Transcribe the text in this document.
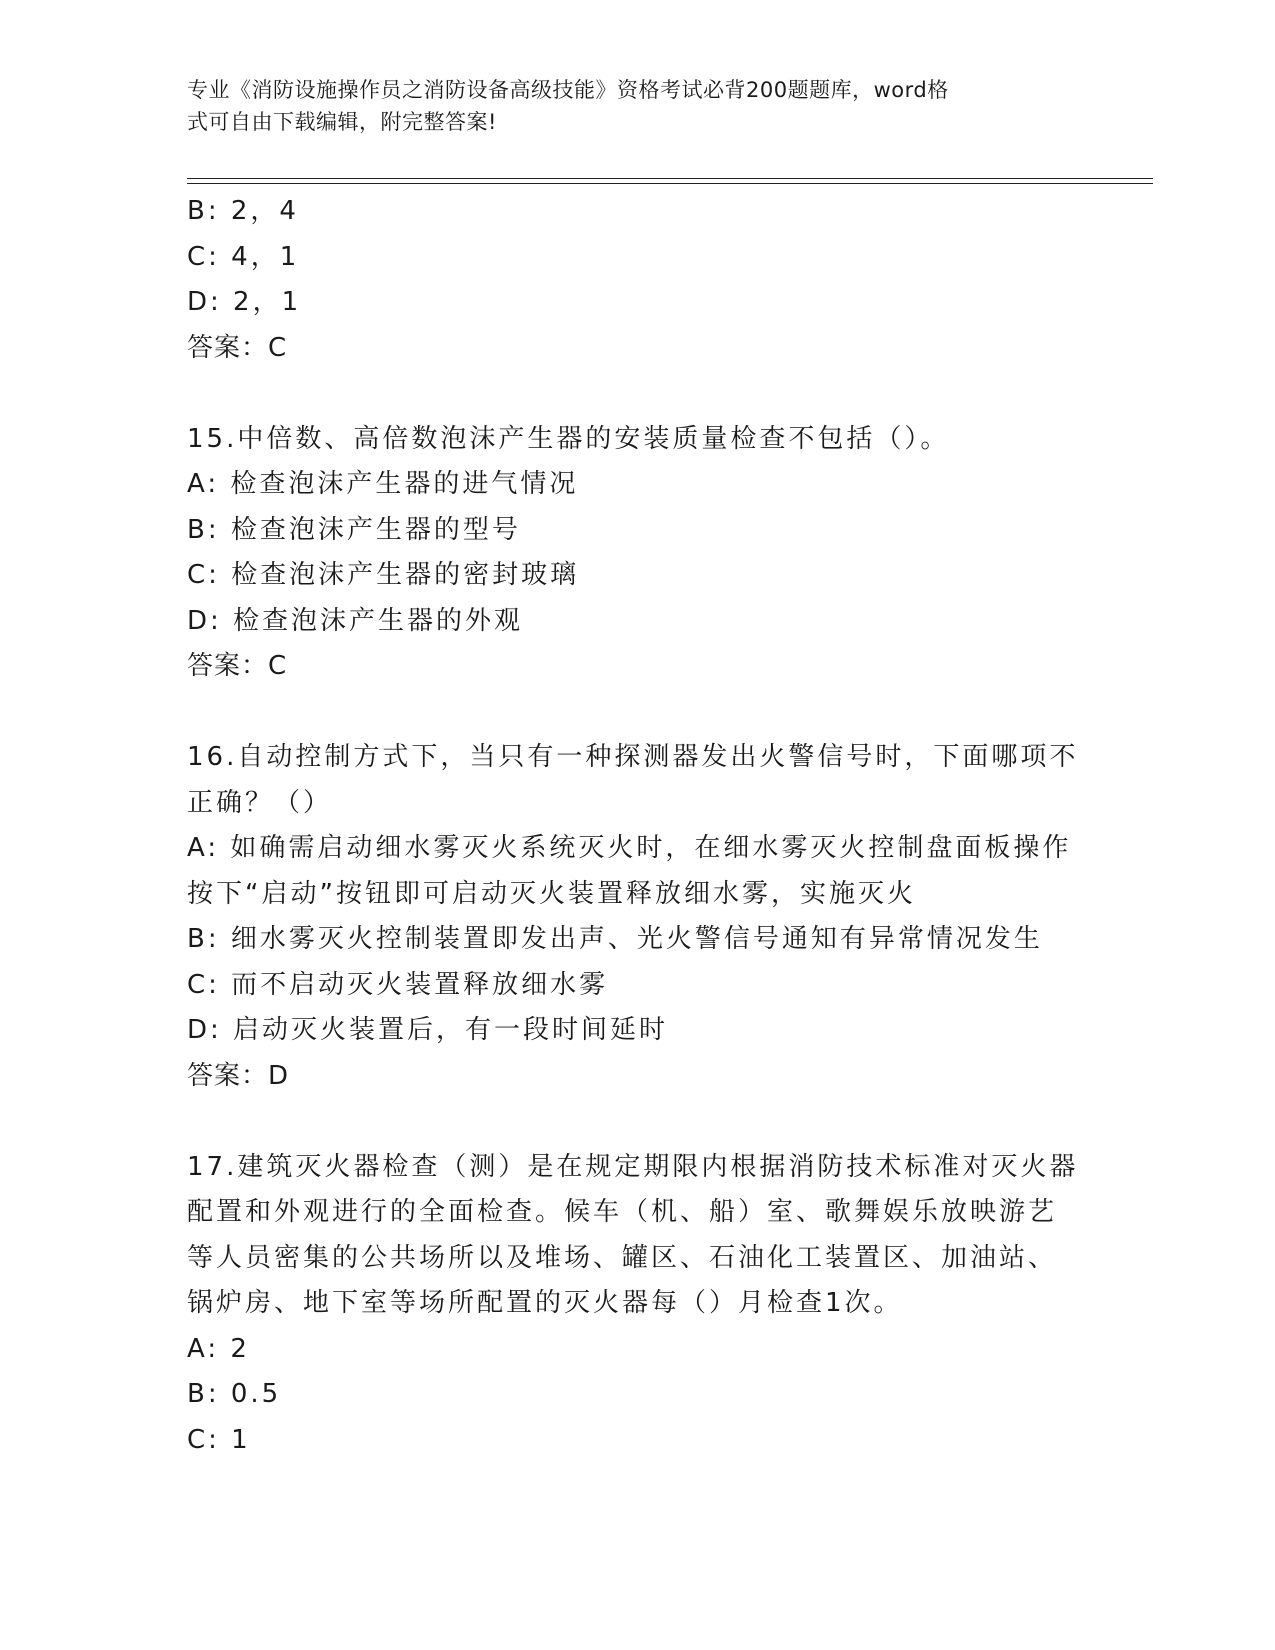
专业《消防设施操作员之消防设备高级技能》资格考试必背200题题库，word格
式可自由下载编辑，附完整答案!

B: 2，4

C: 4，1

D: 2，1

答案：C

15.中倍数、高倍数泡沫产生器的安装质量检查不包括（）。

A: 检查泡沫产生器的进气情况

B: 检查泡沫产生器的型号

C: 检查泡沫产生器的密封玻璃

D: 检查泡沫产生器的外观

答案：C

16.自动控制方式下，当只有一种探测器发出火警信号时，下面哪项不

正确？（）

A: 如确需启动细水雾灭火系统灭火时，在细水雾灭火控制盘面板操作

按下“启动”按钮即可启动灭火装置释放细水雾，实施灭火

B: 细水雾灭火控制装置即发出声、光火警信号通知有异常情况发生

C: 而不启动灭火装置释放细水雾

D: 启动灭火装置后，有一段时间延时

答案：D

17.建筑灭火器检查（测）是在规定期限内根据消防技术标准对灭火器

配置和外观进行的全面检查。候车（机、船）室、歌舞娱乐放映游艺

等人员密集的公共场所以及堆场、罐区、石油化工装置区、加油站、

锅炉房、地下室等场所配置的灭火器每（）月检查1次。

A: 2

B: 0.5

C: 1
